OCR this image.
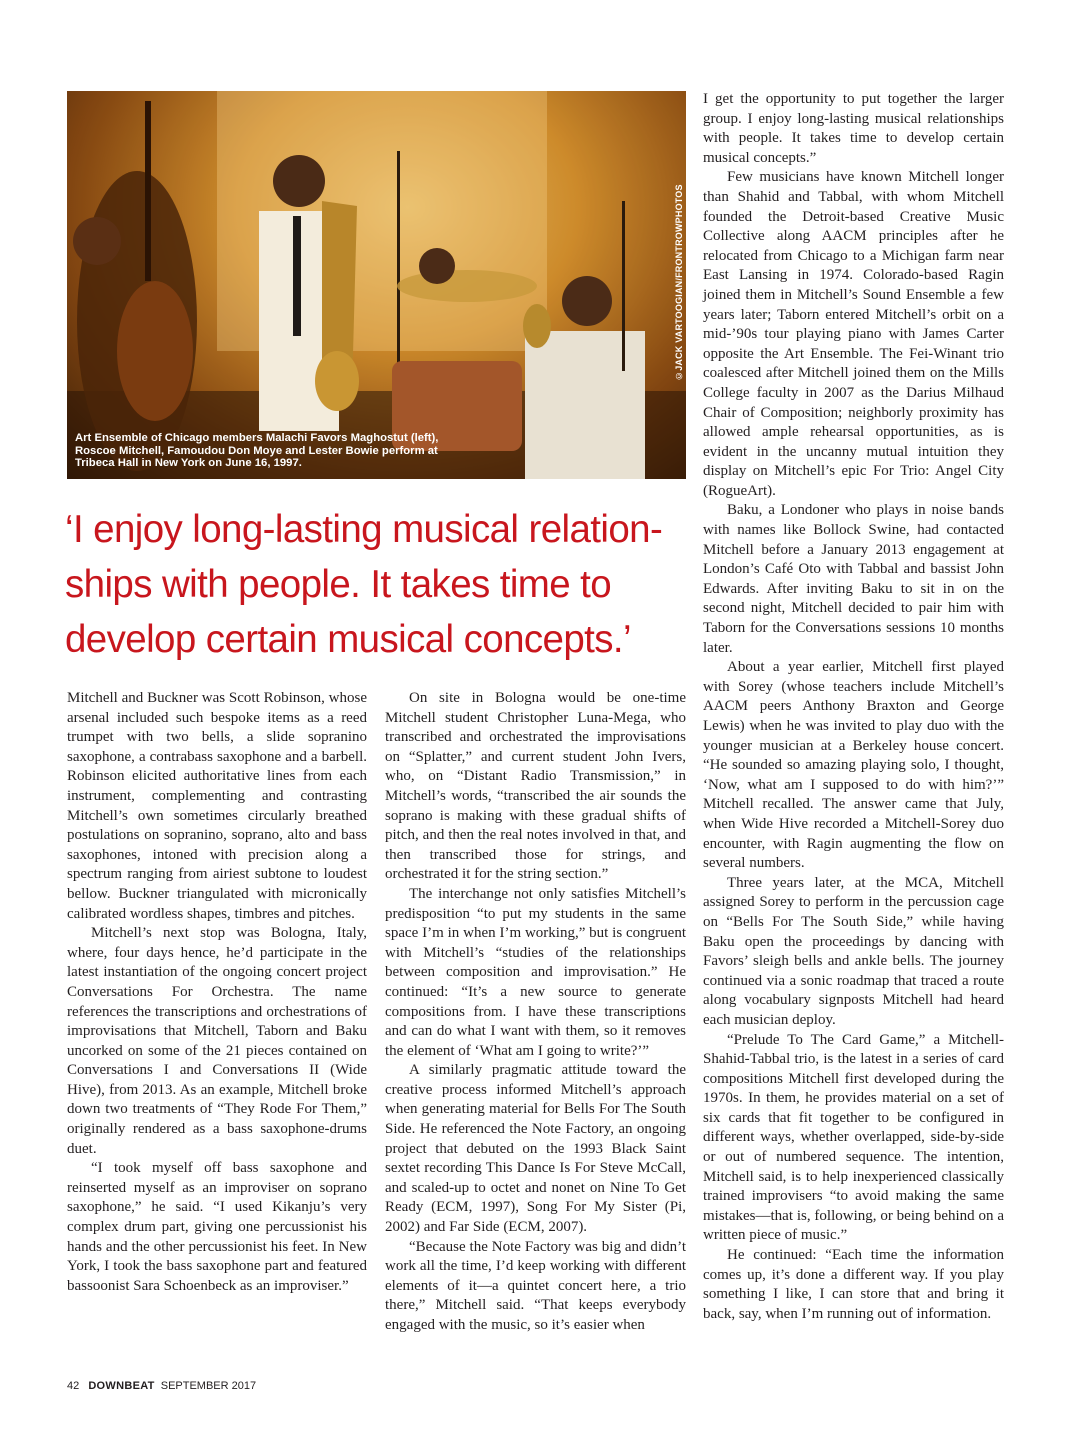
©JACK VARTOOGIAN/FRONTROWPHOTOS
Art Ensemble of Chicago members Malachi Favors Maghostut (left), Roscoe Mitchell, Famoudou Don Moye and Lester Bowie perform at Tribeca Hall in New York on June 16, 1997.
‘I enjoy long-lasting musical relation-ships with people. It takes time to develop certain musical concepts.’

Mitchell and Buckner was Scott Robinson, whose arsenal included such bespoke items as a reed trumpet with two bells, a slide sopranino saxophone, a contrabass saxophone and a barbell. Robinson elicited authoritative lines from each instrument, complementing and contrasting Mitchell’s own sometimes circularly breathed postulations on sopranino, soprano, alto and bass saxophones, intoned with precision along a spectrum ranging from airiest subtone to loudest bellow. Buckner triangulated with micronically calibrated wordless shapes, timbres and pitches.

Mitchell’s next stop was Bologna, Italy, where, four days hence, he’d participate in the latest instantiation of the ongoing concert project Conversations For Orchestra. The name references the transcriptions and orchestrations of improvisations that Mitchell, Taborn and Baku uncorked on some of the 21 pieces contained on Conversations I and Conversations II (Wide Hive), from 2013. As an example, Mitchell broke down two treatments of “They Rode For Them,” originally rendered as a bass saxophone-drums duet.

“I took myself off bass saxophone and reinserted myself as an improviser on soprano saxophone,” he said. “I used Kikanju’s very complex drum part, giving one percussionist his hands and the other percussionist his feet. In New York, I took the bass saxophone part and featured bassoonist Sara Schoenbeck as an improviser.”

On site in Bologna would be one-time Mitchell student Christopher Luna-Mega, who transcribed and orchestrated the improvisations on “Splatter,” and current student John Ivers, who, on “Distant Radio Transmission,” in Mitchell’s words, “transcribed the air sounds the soprano is making with these gradual shifts of pitch, and then the real notes involved in that, and then transcribed those for strings, and orchestrated it for the string section.”

The interchange not only satisfies Mitchell’s predisposition “to put my students in the same space I’m in when I’m working,” but is congruent with Mitchell’s “studies of the relationships between composition and improvisation.” He continued: “It’s a new source to generate compositions from. I have these transcriptions and can do what I want with them, so it removes the element of ‘What am I going to write?’”

A similarly pragmatic attitude toward the creative process informed Mitchell’s approach when generating material for Bells For The South Side. He referenced the Note Factory, an ongoing project that debuted on the 1993 Black Saint sextet recording This Dance Is For Steve McCall, and scaled-up to octet and nonet on Nine To Get Ready (ECM, 1997), Song For My Sister (Pi, 2002) and Far Side (ECM, 2007).

“Because the Note Factory was big and didn’t work all the time, I’d keep working with different elements of it—a quintet concert here, a trio there,” Mitchell said. “That keeps everybody engaged with the music, so it’s easier when

I get the opportunity to put together the larger group. I enjoy long-lasting musical relationships with people. It takes time to develop certain musical concepts.”

Few musicians have known Mitchell longer than Shahid and Tabbal, with whom Mitchell founded the Detroit-based Creative Music Collective along AACM principles after he relocated from Chicago to a Michigan farm near East Lansing in 1974. Colorado-based Ragin joined them in Mitchell’s Sound Ensemble a few years later; Taborn entered Mitchell’s orbit on a mid-’90s tour playing piano with James Carter opposite the Art Ensemble. The Fei-Winant trio coalesced after Mitchell joined them on the Mills College faculty in 2007 as the Darius Milhaud Chair of Composition; neighborly proximity has allowed ample rehearsal opportunities, as is evident in the uncanny mutual intuition they display on Mitchell’s epic For Trio: Angel City (RogueArt).

Baku, a Londoner who plays in noise bands with names like Bollock Swine, had contacted Mitchell before a January 2013 engagement at London’s Café Oto with Tabbal and bassist John Edwards. After inviting Baku to sit in on the second night, Mitchell decided to pair him with Taborn for the Conversations sessions 10 months later.

About a year earlier, Mitchell first played with Sorey (whose teachers include Mitchell’s AACM peers Anthony Braxton and George Lewis) when he was invited to play duo with the younger musician at a Berkeley house concert. “He sounded so amazing playing solo, I thought, ‘Now, what am I supposed to do with him?’” Mitchell recalled. The answer came that July, when Wide Hive recorded a Mitchell-Sorey duo encounter, with Ragin augmenting the flow on several numbers.

Three years later, at the MCA, Mitchell assigned Sorey to perform in the percussion cage on “Bells For The South Side,” while having Baku open the proceedings by dancing with Favors’ sleigh bells and ankle bells. The journey continued via a sonic roadmap that traced a route along vocabulary signposts Mitchell had heard each musician deploy.

“Prelude To The Card Game,” a Mitchell-Shahid-Tabbal trio, is the latest in a series of card compositions Mitchell first developed during the 1970s. In them, he provides material on a set of six cards that fit together to be configured in different ways, whether overlapped, side-by-side or out of numbered sequence. The intention, Mitchell said, is to help inexperienced classically trained improvisers “to avoid making the same mistakes—that is, following, or being behind on a written piece of music.”

He continued: “Each time the information comes up, it’s done a different way. If you play something I like, I can store that and bring it back, say, when I’m running out of information.

42 DOWNBEAT SEPTEMBER 2017
